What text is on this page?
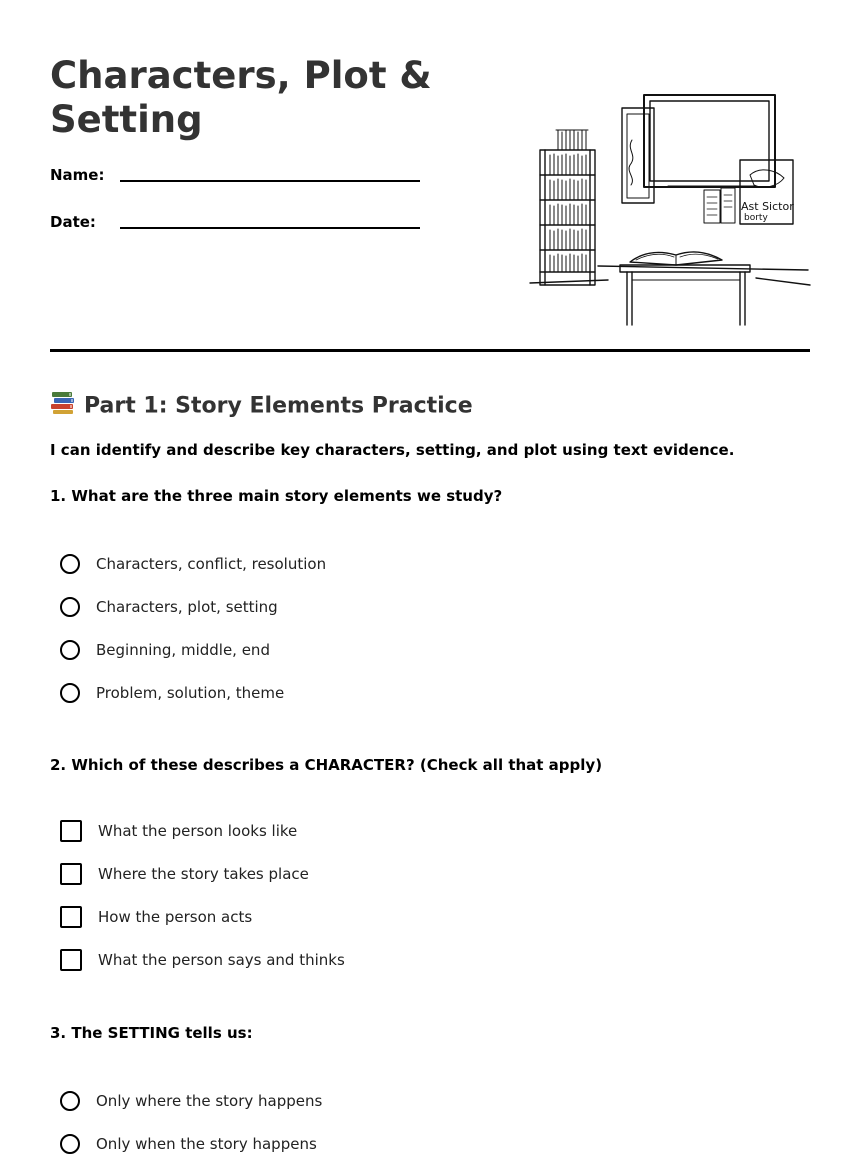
Characters, Plot & Setting
Name:
Date:
Ast Sictor
borty
Part 1: Story Elements Practice
I can identify and describe key characters, setting, and plot using text evidence.
1. What are the three main story elements we study?
Characters, conflict, resolution
Characters, plot, setting
Beginning, middle, end
Problem, solution, theme
2. Which of these describes a CHARACTER? (Check all that apply)
What the person looks like
Where the story takes place
How the person acts
What the person says and thinks
3. The SETTING tells us:
Only where the story happens
Only when the story happens
